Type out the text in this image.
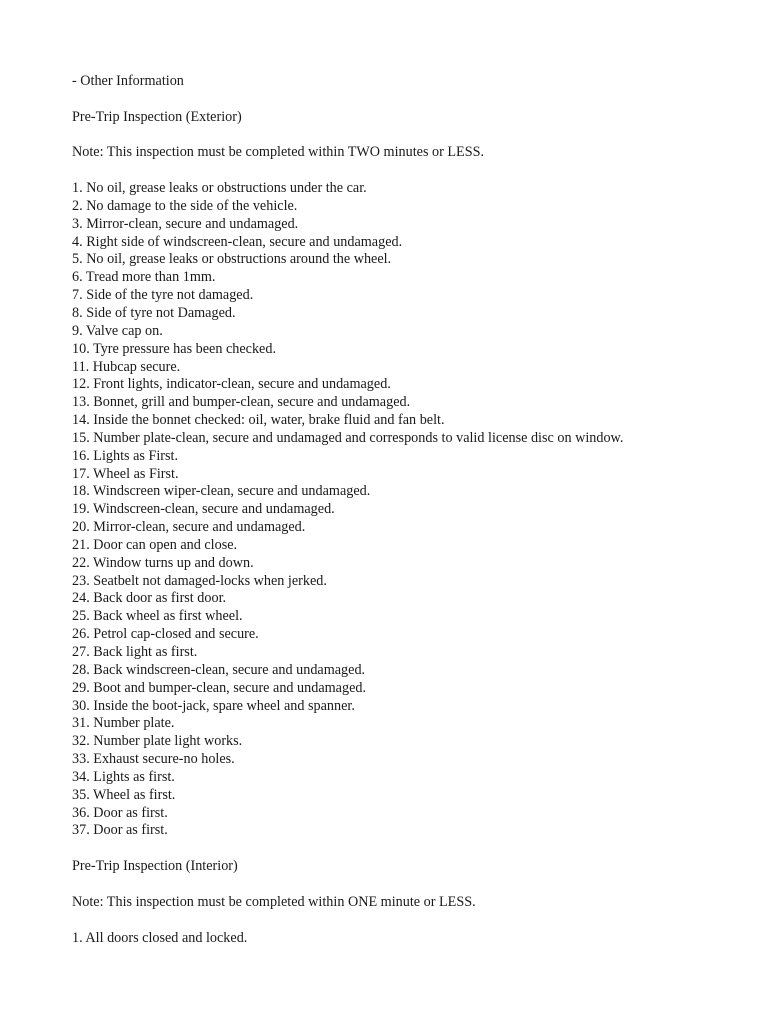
- Other Information

Pre-Trip Inspection (Exterior)

Note: This inspection must be completed within TWO minutes or LESS.

1. No oil, grease leaks or obstructions under the car.
2. No damage to the side of the vehicle.
3. Mirror-clean, secure and undamaged.
4. Right side of windscreen-clean, secure and undamaged.
5. No oil, grease leaks or obstructions around the wheel.
6. Tread more than 1mm.
7. Side of the tyre not damaged.
8. Side of tyre not Damaged.
9. Valve cap on.
10. Tyre pressure has been checked.
11. Hubcap secure.
12. Front lights, indicator-clean, secure and undamaged.
13. Bonnet, grill and bumper-clean, secure and undamaged.
14. Inside the bonnet checked: oil, water, brake fluid and fan belt.
15. Number plate-clean, secure and undamaged and corresponds to valid license disc on window.
16. Lights as First.
17. Wheel as First.
18. Windscreen wiper-clean, secure and undamaged.
19. Windscreen-clean, secure and undamaged.
20. Mirror-clean, secure and undamaged.
21. Door can open and close.
22. Window turns up and down.
23. Seatbelt not damaged-locks when jerked.
24. Back door as first door.
25. Back wheel as first wheel.
26. Petrol cap-closed and secure.
27. Back light as first.
28. Back windscreen-clean, secure and undamaged.
29. Boot and bumper-clean, secure and undamaged.
30. Inside the boot-jack, spare wheel and spanner.
31. Number plate.
32. Number plate light works.
33. Exhaust secure-no holes.
34. Lights as first.
35. Wheel as first.
36. Door as first.
37. Door as first.

Pre-Trip Inspection (Interior)

Note: This inspection must be completed within ONE minute or LESS.

1. All doors closed and locked.
